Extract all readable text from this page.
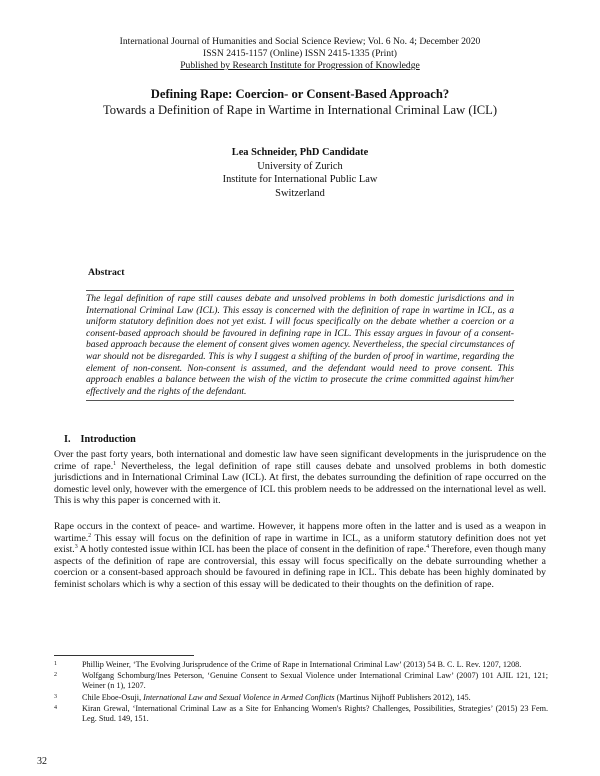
International Journal of Humanities and Social Science Review; Vol. 6 No. 4; December 2020
ISSN 2415-1157 (Online) ISSN 2415-1335 (Print)
Published by Research Institute for Progression of Knowledge
Defining Rape: Coercion- or Consent-Based Approach?
Towards a Definition of Rape in Wartime in International Criminal Law (ICL)
Lea Schneider, PhD Candidate
University of Zurich
Institute for International Public Law
Switzerland
Abstract

The legal definition of rape still causes debate and unsolved problems in both domestic jurisdictions and in International Criminal Law (ICL). This essay is concerned with the definition of rape in wartime in ICL, as a uniform statutory definition does not yet exist. I will focus specifically on the debate whether a coercion or a consent-based approach should be favoured in defining rape in ICL. This essay argues in favour of a consent-based approach because the element of consent gives women agency. Nevertheless, the special circumstances of war should not be disregarded. This is why I suggest a shifting of the burden of proof in wartime, regarding the element of non-consent. Non-consent is assumed, and the defendant would need to prove consent. This approach enables a balance between the wish of the victim to prosecute the crime committed against him/her effectively and the rights of the defendant.

I. Introduction

Over the past forty years, both international and domestic law have seen significant developments in the jurisprudence on the crime of rape.$^1$ Nevertheless, the legal definition of rape still causes debate and unsolved problems in both domestic jurisdictions and in International Criminal Law (ICL). At first, the debates surrounding the definition of rape occurred on the domestic level only, however with the emergence of ICL this problem needs to be addressed on the international level as well. This is why this paper is concerned with it.

Rape occurs in the context of peace- and wartime. However, it happens more often in the latter and is used as a weapon in wartime.$^2$ This essay will focus on the definition of rape in wartime in ICL, as a uniform statutory definition does not yet exist.$^3$ A hotly contested issue within ICL has been the place of consent in the definition of rape.$^4$ Therefore, even though many aspects of the definition of rape are controversial, this essay will focus specifically on the debate surrounding whether a coercion or a consent-based approach should be favoured in defining rape in ICL. This debate has been highly dominated by feminist scholars which is why a section of this essay will be dedicated to their thoughts on the definition of rape.

1	Phillip Weiner, ‘The Evolving Jurisprudence of the Crime of Rape in International Criminal Law’ (2013) 54 B. C. L. Rev. 1207, 1208.
2	Wolfgang Schomburg/Ines Peterson, ‘Genuine Consent to Sexual Violence under International Criminal Law’ (2007) 101 AJIL 121, 121; Weiner (n 1), 1207.
3	Chile Eboe-Osuji, International Law and Sexual Violence in Armed Conflicts (Martinus Nijhoff Publishers 2012), 145.
4	Kiran Grewal, ‘International Criminal Law as a Site for Enhancing Women's Rights? Challenges, Possibilities, Strategies’ (2015) 23 Fem. Leg. Stud. 149, 151.
32
